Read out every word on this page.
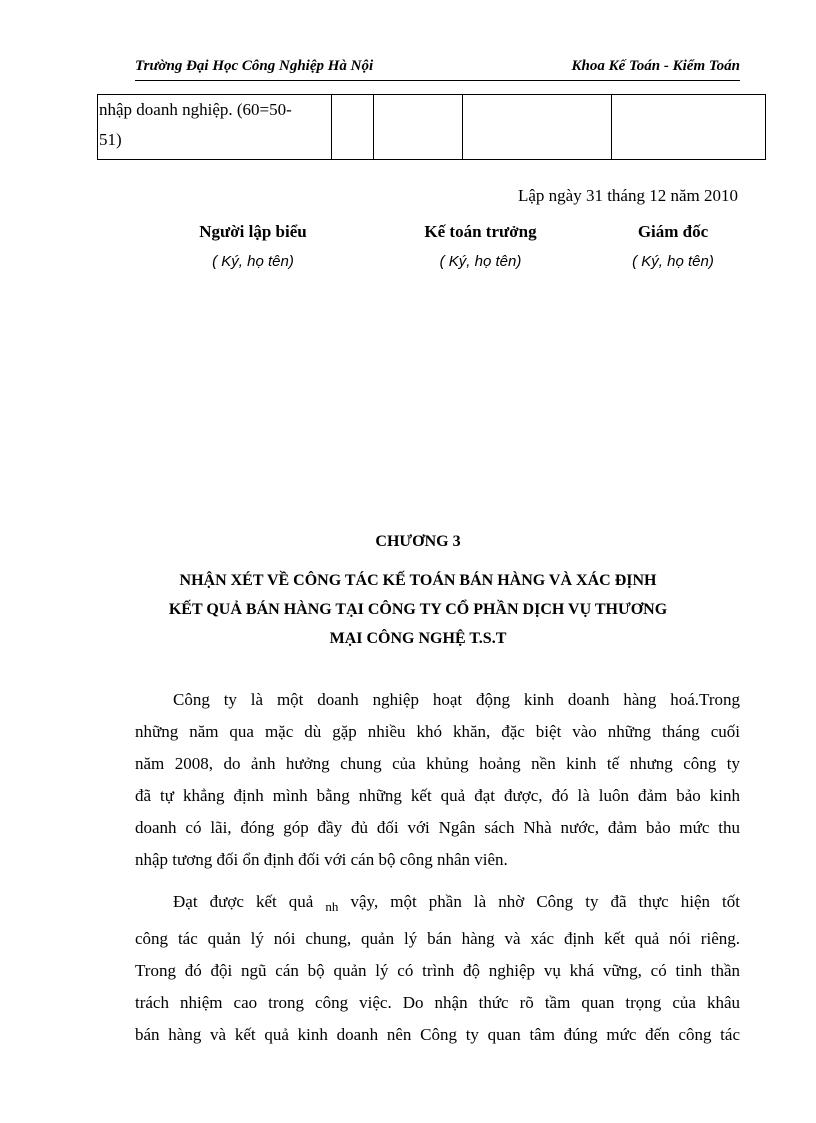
Trường Đại Học Công Nghiệp Hà Nội	Khoa Kế Toán - Kiểm Toán
nhập doanh nghiệp. (60=50-
51)				
Lập ngày 31 tháng 12 năm 2010
Người lập biểu
( Ký, họ tên)
Kế toán trưởng
( Ký, họ tên)
Giám đốc
( Ký, họ tên)
CHƯƠNG 3
NHẬN XÉT VỀ CÔNG TÁC KẾ TOÁN BÁN HÀNG VÀ XÁC ĐỊNH
KẾT QUẢ BÁN HÀNG TẠI CÔNG TY CỔ PHẦN DỊCH VỤ THƯƠNG
MẠI CÔNG NGHỆ T.S.T
Công ty là một doanh nghiệp hoạt động kinh doanh hàng hoá.Trong
những năm qua mặc dù gặp nhiều khó khăn, đặc biệt vào những tháng cuối
năm 2008, do ảnh hưởng chung của khủng hoảng nền kinh tế nhưng công ty
đã tự khẳng định mình bằng những kết quả đạt được, đó là luôn đảm bảo kinh
doanh có lãi, đóng góp đầy đủ đối với Ngân sách Nhà nước, đảm bảo mức thu
nhập tương đối ổn định đối với cán bộ công nhân viên.
Đạt được kết quả $_{nh}$ vậy, một phần là nhờ Công ty đã thực hiện tốt
công tác quản lý nói chung, quản lý bán hàng và xác định kết quả nói riêng.
Trong đó đội ngũ cán bộ quản lý có trình độ nghiệp vụ khá vững, có tinh thần
trách nhiệm cao trong công việc. Do nhận thức rõ tầm quan trọng của khâu
bán hàng và kết quả kinh doanh nên Công ty quan tâm đúng mức đến công tác
